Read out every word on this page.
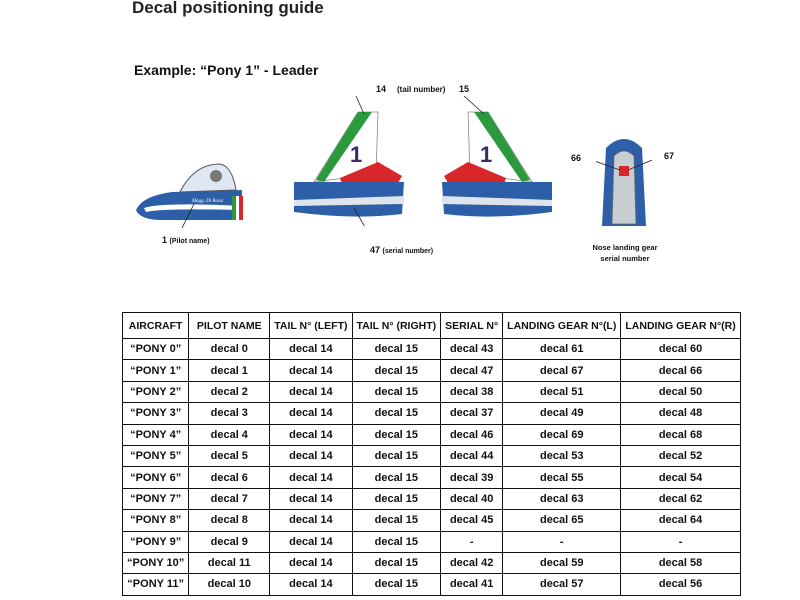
Decal positioning guide
Example: “Pony 1” - Leader
Magg. Di Rossi
1 (Pilot name)
1
14 (tail number)
47 (serial number)
1
15
66	67
Nose landing gear
serial number
AIRCRAFT	PILOT NAME	TAIL N° (LEFT)	TAIL N° (RIGHT)	SERIAL N°	LANDING GEAR N°(L)	LANDING GEAR N°(R)
“PONY 0”	decal 0	decal 14	decal 15	decal 43	decal 61	decal 60
“PONY 1”	decal 1	decal 14	decal 15	decal 47	decal 67	decal 66
“PONY 2”	decal 2	decal 14	decal 15	decal 38	decal 51	decal 50
“PONY 3”	decal 3	decal 14	decal 15	decal 37	decal 49	decal 48
“PONY 4”	decal 4	decal 14	decal 15	decal 46	decal 69	decal 68
“PONY 5”	decal 5	decal 14	decal 15	decal 44	decal 53	decal 52
“PONY 6”	decal 6	decal 14	decal 15	decal 39	decal 55	decal 54
“PONY 7”	decal 7	decal 14	decal 15	decal 40	decal 63	decal 62
“PONY 8”	decal 8	decal 14	decal 15	decal 45	decal 65	decal 64
“PONY 9”	decal 9	decal 14	decal 15	-	-	-
“PONY 10”	decal 11	decal 14	decal 15	decal 42	decal 59	decal 58
“PONY 11”	decal 10	decal 14	decal 15	decal 41	decal 57	decal 56
